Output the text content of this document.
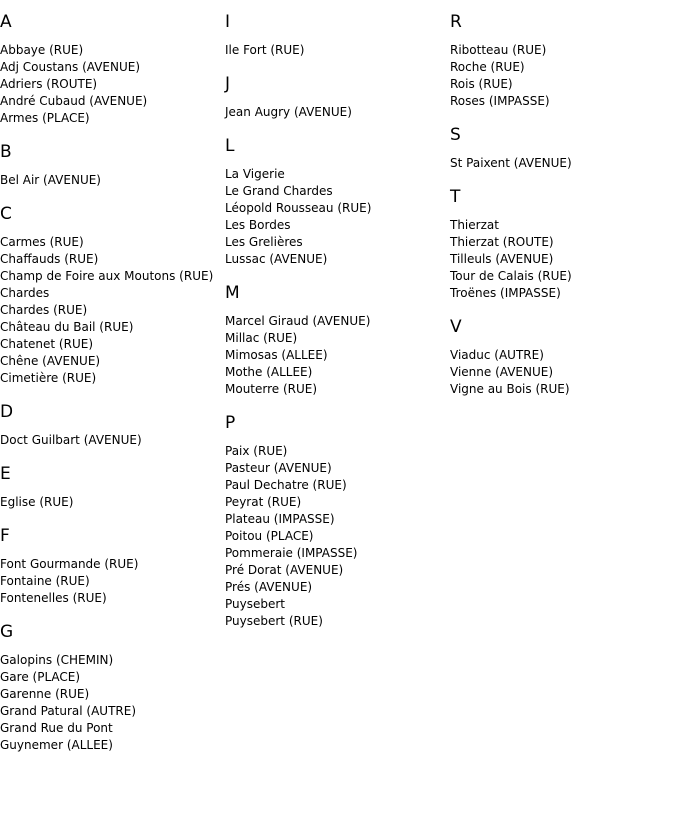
A
Abbaye (RUE)
Adj Coustans (AVENUE)
Adriers (ROUTE)
André Cubaud (AVENUE)
Armes (PLACE)
B
Bel Air (AVENUE)
C
Carmes (RUE)
Chaffauds (RUE)
Champ de Foire aux Moutons (RUE)
Chardes
Chardes (RUE)
Château du Bail (RUE)
Chatenet (RUE)
Chêne (AVENUE)
Cimetière (RUE)
D
Doct Guilbart (AVENUE)
E
Eglise (RUE)
F
Font Gourmande (RUE)
Fontaine (RUE)
Fontenelles (RUE)
G
Galopins (CHEMIN)
Gare (PLACE)
Garenne (RUE)
Grand Patural (AUTRE)
Grand Rue du Pont
Guynemer (ALLEE)
I
Ile Fort (RUE)
J
Jean Augry (AVENUE)
L
La Vigerie
Le Grand Chardes
Léopold Rousseau (RUE)
Les Bordes
Les Grelières
Lussac (AVENUE)
M
Marcel Giraud (AVENUE)
Millac (RUE)
Mimosas (ALLEE)
Mothe (ALLEE)
Mouterre (RUE)
P
Paix (RUE)
Pasteur (AVENUE)
Paul Dechatre (RUE)
Peyrat (RUE)
Plateau (IMPASSE)
Poitou (PLACE)
Pommeraie (IMPASSE)
Pré Dorat (AVENUE)
Prés (AVENUE)
Puysebert
Puysebert (RUE)
R
Ribotteau (RUE)
Roche (RUE)
Rois (RUE)
Roses (IMPASSE)
S
St Paixent (AVENUE)
T
Thierzat
Thierzat (ROUTE)
Tilleuls (AVENUE)
Tour de Calais (RUE)
Troënes (IMPASSE)
V
Viaduc (AUTRE)
Vienne (AVENUE)
Vigne au Bois (RUE)
